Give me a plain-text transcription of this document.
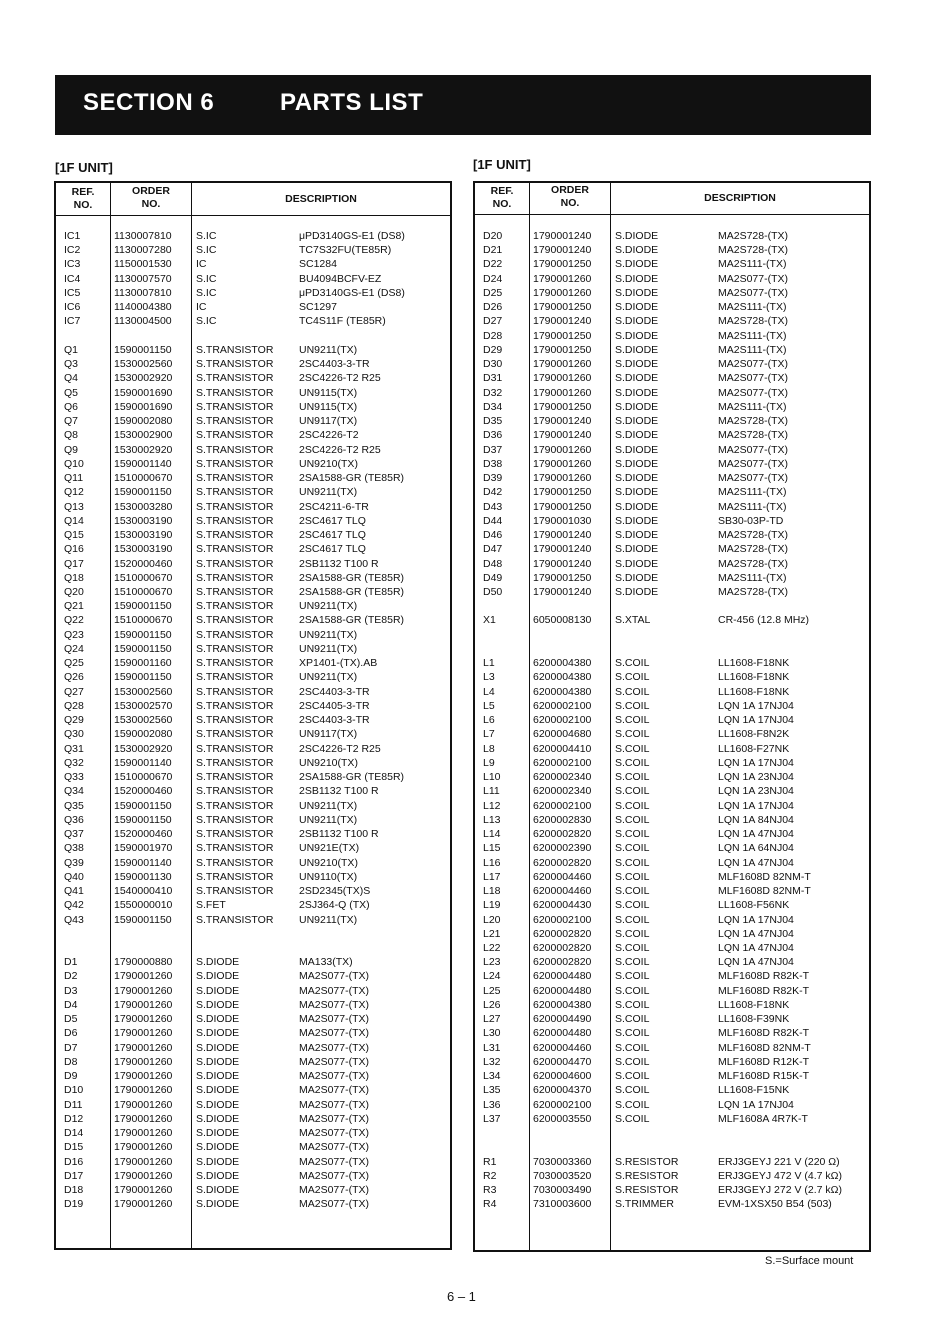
SECTION 6	PARTS LIST
[1F UNIT]	[1F UNIT]
REF.
NO.
ORDER
NO.	DESCRIPTION
IC1	1130007810 S.IC	μPD3140GS-E1 (DS8)
IC2	1130007280 S.IC	TC7S32FU(TE85R)
IC3	1150001530 IC	SC1284
IC4	1130007570 S.IC	BU4094BCFV-EZ
IC5	1130007810 S.IC	μPD3140GS-E1 (DS8)
IC6	1140004380 IC	SC1297
IC7	1130004500 S.IC	TC4S11F (TE85R)
Q1	1590001150 S.TRANSISTOR UN9211(TX)
Q3	1530002560 S.TRANSISTOR 2SC4403-3-TR
Q4	1530002920 S.TRANSISTOR 2SC4226-T2 R25
Q5	1590001690 S.TRANSISTOR UN9115(TX)
Q6	1590001690 S.TRANSISTOR UN9115(TX)
Q7	1590002080 S.TRANSISTOR UN9117(TX)
Q8	1530002900 S.TRANSISTOR 2SC4226-T2
Q9	1530002920 S.TRANSISTOR 2SC4226-T2 R25
Q10	1590001140 S.TRANSISTOR UN9210(TX)
Q11	1510000670 S.TRANSISTOR 2SA1588-GR (TE85R)
Q12	1590001150 S.TRANSISTOR UN9211(TX)
Q13	1530003280 S.TRANSISTOR 2SC4211-6-TR
Q14	1530003190 S.TRANSISTOR 2SC4617 TLQ
Q15	1530003190 S.TRANSISTOR 2SC4617 TLQ
Q16	1530003190 S.TRANSISTOR 2SC4617 TLQ
Q17	1520000460 S.TRANSISTOR 2SB1132 T100 R
Q18	1510000670 S.TRANSISTOR 2SA1588-GR (TE85R)
Q20	1510000670 S.TRANSISTOR 2SA1588-GR (TE85R)
Q21	1590001150 S.TRANSISTOR UN9211(TX)
Q22	1510000670 S.TRANSISTOR 2SA1588-GR (TE85R)
Q23	1590001150 S.TRANSISTOR UN9211(TX)
Q24	1590001150 S.TRANSISTOR UN9211(TX)
Q25	1590001160 S.TRANSISTOR XP1401-(TX).AB
Q26	1590001150 S.TRANSISTOR UN9211(TX)
Q27	1530002560 S.TRANSISTOR 2SC4403-3-TR
Q28	1530002570 S.TRANSISTOR 2SC4405-3-TR
Q29	1530002560 S.TRANSISTOR 2SC4403-3-TR
Q30	1590002080 S.TRANSISTOR UN9117(TX)
Q31	1530002920 S.TRANSISTOR 2SC4226-T2 R25
Q32	1590001140 S.TRANSISTOR UN9210(TX)
Q33	1510000670 S.TRANSISTOR 2SA1588-GR (TE85R)
Q34	1520000460 S.TRANSISTOR 2SB1132 T100 R
Q35	1590001150 S.TRANSISTOR UN9211(TX)
Q36	1590001150 S.TRANSISTOR UN9211(TX)
Q37	1520000460 S.TRANSISTOR 2SB1132 T100 R
Q38	1590001970 S.TRANSISTOR UN921E(TX)
Q39	1590001140 S.TRANSISTOR UN9210(TX)
Q40	1590001130 S.TRANSISTOR UN9110(TX)
Q41	1540000410 S.TRANSISTOR 2SD2345(TX)S
Q42	1550000010 S.FET	2SJ364-Q (TX)
Q43	1590001150 S.TRANSISTOR UN9211(TX)
D1	1790000880 S.DIODE	MA133(TX)
D2	1790001260 S.DIODE	MA2S077-(TX)
D3	1790001260 S.DIODE	MA2S077-(TX)
D4	1790001260 S.DIODE	MA2S077-(TX)
D5	1790001260 S.DIODE	MA2S077-(TX)
D6	1790001260 S.DIODE	MA2S077-(TX)
D7	1790001260 S.DIODE	MA2S077-(TX)
D8	1790001260 S.DIODE	MA2S077-(TX)
D9	1790001260 S.DIODE	MA2S077-(TX)
D10	1790001260 S.DIODE	MA2S077-(TX)
D11	1790001260 S.DIODE	MA2S077-(TX)
D12	1790001260 S.DIODE	MA2S077-(TX)
D14	1790001260 S.DIODE	MA2S077-(TX)
D15	1790001260 S.DIODE	MA2S077-(TX)
D16	1790001260 S.DIODE	MA2S077-(TX)
D17	1790001260 S.DIODE	MA2S077-(TX)
D18	1790001260 S.DIODE	MA2S077-(TX)
D19	1790001260 S.DIODE	MA2S077-(TX)
REF.
NO.
ORDER
NO.	DESCRIPTION
D20	1790001240 S.DIODE	MA2S728-(TX)
D21	1790001240 S.DIODE	MA2S728-(TX)
D22	1790001250 S.DIODE	MA2S111-(TX)
D24	1790001260 S.DIODE	MA2S077-(TX)
D25	1790001260 S.DIODE	MA2S077-(TX)
D26	1790001250 S.DIODE	MA2S111-(TX)
D27	1790001240 S.DIODE	MA2S728-(TX)
D28	1790001250 S.DIODE	MA2S111-(TX)
D29	1790001250 S.DIODE	MA2S111-(TX)
D30	1790001260 S.DIODE	MA2S077-(TX)
D31	1790001260 S.DIODE	MA2S077-(TX)
D32	1790001260 S.DIODE	MA2S077-(TX)
D34	1790001250 S.DIODE	MA2S111-(TX)
D35	1790001240 S.DIODE	MA2S728-(TX)
D36	1790001240 S.DIODE	MA2S728-(TX)
D37	1790001260 S.DIODE	MA2S077-(TX)
D38	1790001260 S.DIODE	MA2S077-(TX)
D39	1790001260 S.DIODE	MA2S077-(TX)
D42	1790001250 S.DIODE	MA2S111-(TX)
D43	1790001250 S.DIODE	MA2S111-(TX)
D44	1790001030 S.DIODE	SB30-03P-TD
D46	1790001240 S.DIODE	MA2S728-(TX)
D47	1790001240 S.DIODE	MA2S728-(TX)
D48	1790001240 S.DIODE	MA2S728-(TX)
D49	1790001250 S.DIODE	MA2S111-(TX)
D50	1790001240 S.DIODE	MA2S728-(TX)
X1	6050008130 S.XTAL	CR-456 (12.8 MHz)
L1	6200004380 S.COIL	LL1608-F18NK
L3	6200004380 S.COIL	LL1608-F18NK
L4	6200004380 S.COIL	LL1608-F18NK
L5	6200002100 S.COIL	LQN 1A 17NJ04
L6	6200002100 S.COIL	LQN 1A 17NJ04
L7	6200004680 S.COIL	LL1608-F8N2K
L8	6200004410 S.COIL	LL1608-F27NK
L9	6200002100 S.COIL	LQN 1A 17NJ04
L10	6200002340 S.COIL	LQN 1A 23NJ04
L11	6200002340 S.COIL	LQN 1A 23NJ04
L12	6200002100 S.COIL	LQN 1A 17NJ04
L13	6200002830 S.COIL	LQN 1A 84NJ04
L14	6200002820 S.COIL	LQN 1A 47NJ04
L15	6200002390 S.COIL	LQN 1A 64NJ04
L16	6200002820 S.COIL	LQN 1A 47NJ04
L17	6200004460 S.COIL	MLF1608D 82NM-T
L18	6200004460 S.COIL	MLF1608D 82NM-T
L19	6200004430 S.COIL	LL1608-F56NK
L20	6200002100 S.COIL	LQN 1A 17NJ04
L21	6200002820 S.COIL	LQN 1A 47NJ04
L22	6200002820 S.COIL	LQN 1A 47NJ04
L23	6200002820 S.COIL	LQN 1A 47NJ04
L24	6200004480 S.COIL	MLF1608D R82K-T
L25	6200004480 S.COIL	MLF1608D R82K-T
L26	6200004380 S.COIL	LL1608-F18NK
L27	6200004490 S.COIL	LL1608-F39NK
L30	6200004480 S.COIL	MLF1608D R82K-T
L31	6200004460 S.COIL	MLF1608D 82NM-T
L32	6200004470 S.COIL	MLF1608D R12K-T
L34	6200004600 S.COIL	MLF1608D R15K-T
L35	6200004370 S.COIL	LL1608-F15NK
L36	6200002100 S.COIL	LQN 1A 17NJ04
L37	6200003550 S.COIL	MLF1608A 4R7K-T
R1	7030003360 S.RESISTOR	ERJ3GEYJ 221 V (220 Ω)
R2	7030003520 S.RESISTOR	ERJ3GEYJ 472 V (4.7 kΩ)
R3	7030003490 S.RESISTOR	ERJ3GEYJ 272 V (2.7 kΩ)
R4	7310003600 S.TRIMMER	EVM-1XSX50 B54 (503)
S.=Surface mount
6 – 1
